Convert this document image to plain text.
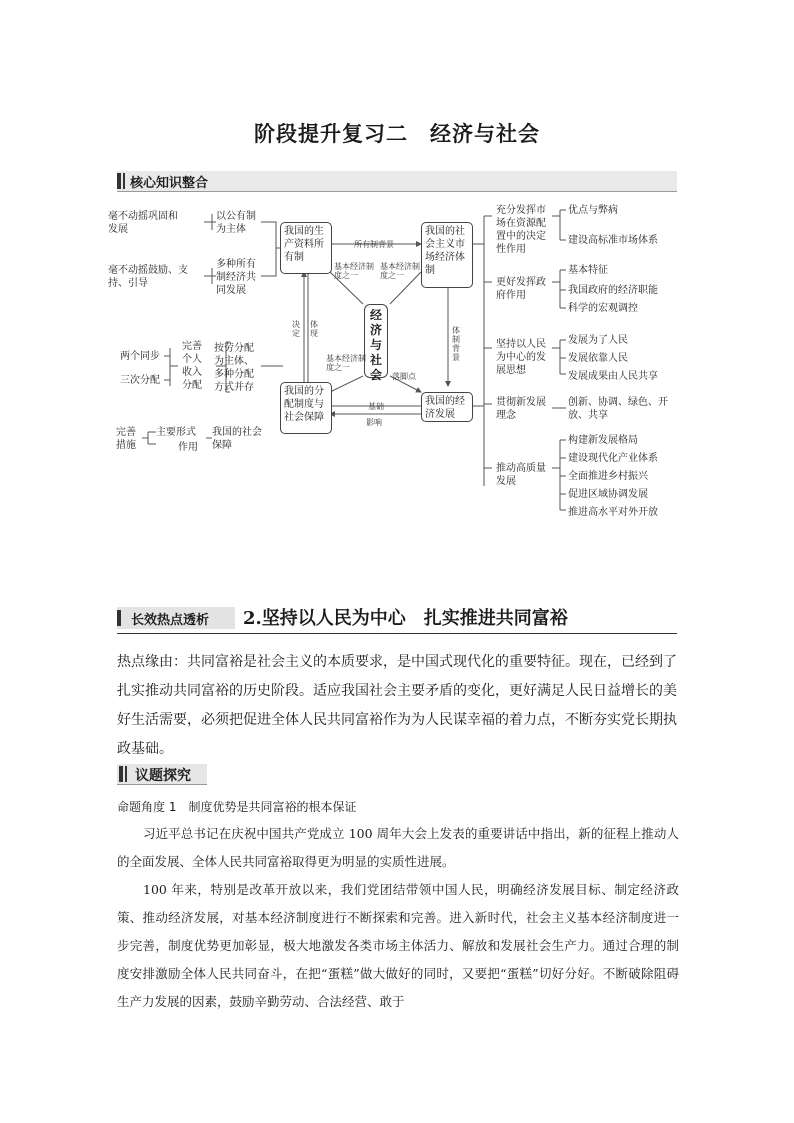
阶段提升复习二　经济与社会
核心知识整合
毫不动摇巩固和发展
以公有制为主体
毫不动摇鼓励、支持、引导
多种所有制经济共同发展
两个同步
三次分配
完善个人收入分配
按劳分配为主体、多种分配方式并存
完善措施
主要形式
作用
我国的社会保障
我国的生产资料所有制
我国的社会主义市场经济体制
我国的分配制度与社会保障
我国的经济发展
经济与社会
所有制背景
基础
影响
决定
体现	体制背景
基本经济制度之一
基本经济制度之一
基本经济制度之一
落脚点
充分发挥市场在资源配置中的决定性作用
优点与弊病
建设高标准市场体系
更好发挥政府作用
基本特征
我国政府的经济职能
科学的宏观调控
坚持以人民为中心的发展思想
发展为了人民
发展依靠人民
发展成果由人民共享
贯彻新发展理念
创新、协调、绿色、开放、共享
推动高质量发展
构建新发展格局
建设现代化产业体系
全面推进乡村振兴
促进区域协调发展
推进高水平对外开放
长效热点透析 2.坚持以人民为中心　扎实推进共同富裕
热点缘由：共同富裕是社会主义的本质要求，是中国式现代化的重要特征。现在，已经到了扎实推动共同富裕的历史阶段。适应我国社会主要矛盾的变化，更好满足人民日益增长的美好生活需要，必须把促进全体人民共同富裕作为为人民谋幸福的着力点，不断夯实党长期执政基础。
议题探究
命题角度 1　制度优势是共同富裕的根本保证
习近平总书记在庆祝中国共产党成立 100 周年大会上发表的重要讲话中指出，新的征程上推动人的全面发展、全体人民共同富裕取得更为明显的实质性进展。
100 年来，特别是改革开放以来，我们党团结带领中国人民，明确经济发展目标、制定经济政策、推动经济发展，对基本经济制度进行不断探索和完善。进入新时代，社会主义基本经济制度进一步完善，制度优势更加彰显，极大地激发各类市场主体活力、解放和发展社会生产力。通过合理的制度安排激励全体人民共同奋斗，在把“蛋糕”做大做好的同时，又要把“蛋糕”切好分好。不断破除阻碍生产力发展的因素，鼓励辛勤劳动、合法经营、敢于
